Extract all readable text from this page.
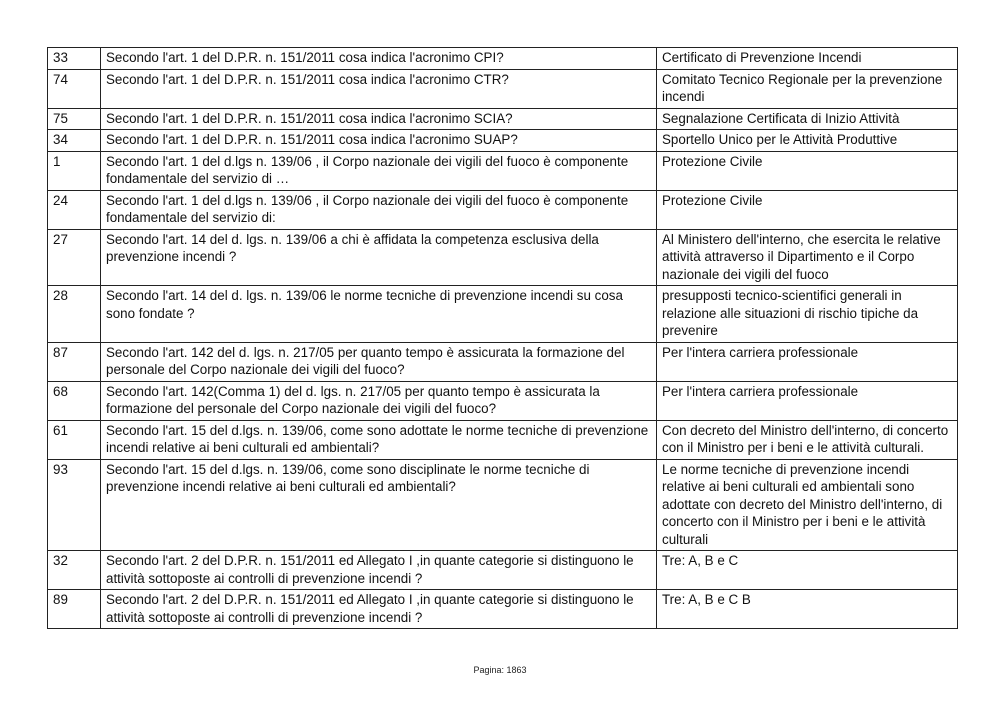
33	Secondo l'art. 1 del D.P.R. n. 151/2011 cosa indica l'acronimo CPI?	Certificato di Prevenzione Incendi
74	Secondo l'art. 1 del D.P.R. n. 151/2011 cosa indica l'acronimo CTR?	Comitato Tecnico Regionale per la prevenzione incendi
75	Secondo l'art. 1 del D.P.R. n. 151/2011 cosa indica l'acronimo SCIA?	Segnalazione Certificata di Inizio Attività
34	Secondo l'art. 1 del D.P.R. n. 151/2011 cosa indica l'acronimo SUAP?	Sportello Unico per le Attività Produttive
1	Secondo l'art. 1 del d.lgs n. 139/06 , il Corpo nazionale dei vigili del fuoco è componente fondamentale del servizio di …	Protezione Civile
24	Secondo l'art. 1 del d.lgs n. 139/06 , il Corpo nazionale dei vigili del fuoco è componente fondamentale del servizio di:	Protezione Civile
27	Secondo l'art. 14 del d. lgs. n. 139/06 a chi è affidata la competenza esclusiva della prevenzione incendi ?	Al Ministero dell'interno, che esercita le relative attività attraverso il Dipartimento e il Corpo nazionale dei vigili del fuoco
28	Secondo l'art. 14 del d. lgs. n. 139/06 le norme tecniche di prevenzione incendi su cosa sono fondate ?	presupposti tecnico-scientifici generali in relazione alle situazioni di rischio tipiche da prevenire
87	Secondo l'art. 142 del d. lgs. n. 217/05 per quanto tempo è assicurata la formazione del personale del Corpo nazionale dei vigili del fuoco?	Per l'intera carriera professionale
68	Secondo l'art. 142(Comma 1) del d. lgs. n. 217/05 per quanto tempo è assicurata la formazione del personale del Corpo nazionale dei vigili del fuoco?	Per l'intera carriera professionale
61	Secondo l'art. 15 del d.lgs. n. 139/06, come sono adottate le norme tecniche di prevenzione incendi relative ai beni culturali ed ambientali?	Con decreto del Ministro dell'interno, di concerto con il Ministro per i beni e le attività culturali.
93	Secondo l'art. 15 del d.lgs. n. 139/06, come sono disciplinate le norme tecniche di prevenzione incendi relative ai beni culturali ed ambientali?	Le norme tecniche di prevenzione incendi relative ai beni culturali ed ambientali sono adottate con decreto del Ministro dell'interno, di concerto con il Ministro per i beni e le attività culturali
32	Secondo l'art. 2 del D.P.R. n. 151/2011 ed Allegato I ,in quante categorie si distinguono le attività sottoposte ai controlli di prevenzione incendi ?	Tre: A, B e C
89	Secondo l'art. 2 del D.P.R. n. 151/2011 ed Allegato I ,in quante categorie si distinguono le attività sottoposte ai controlli di prevenzione incendi ?	Tre: A, B e C B
Pagina: 1863
